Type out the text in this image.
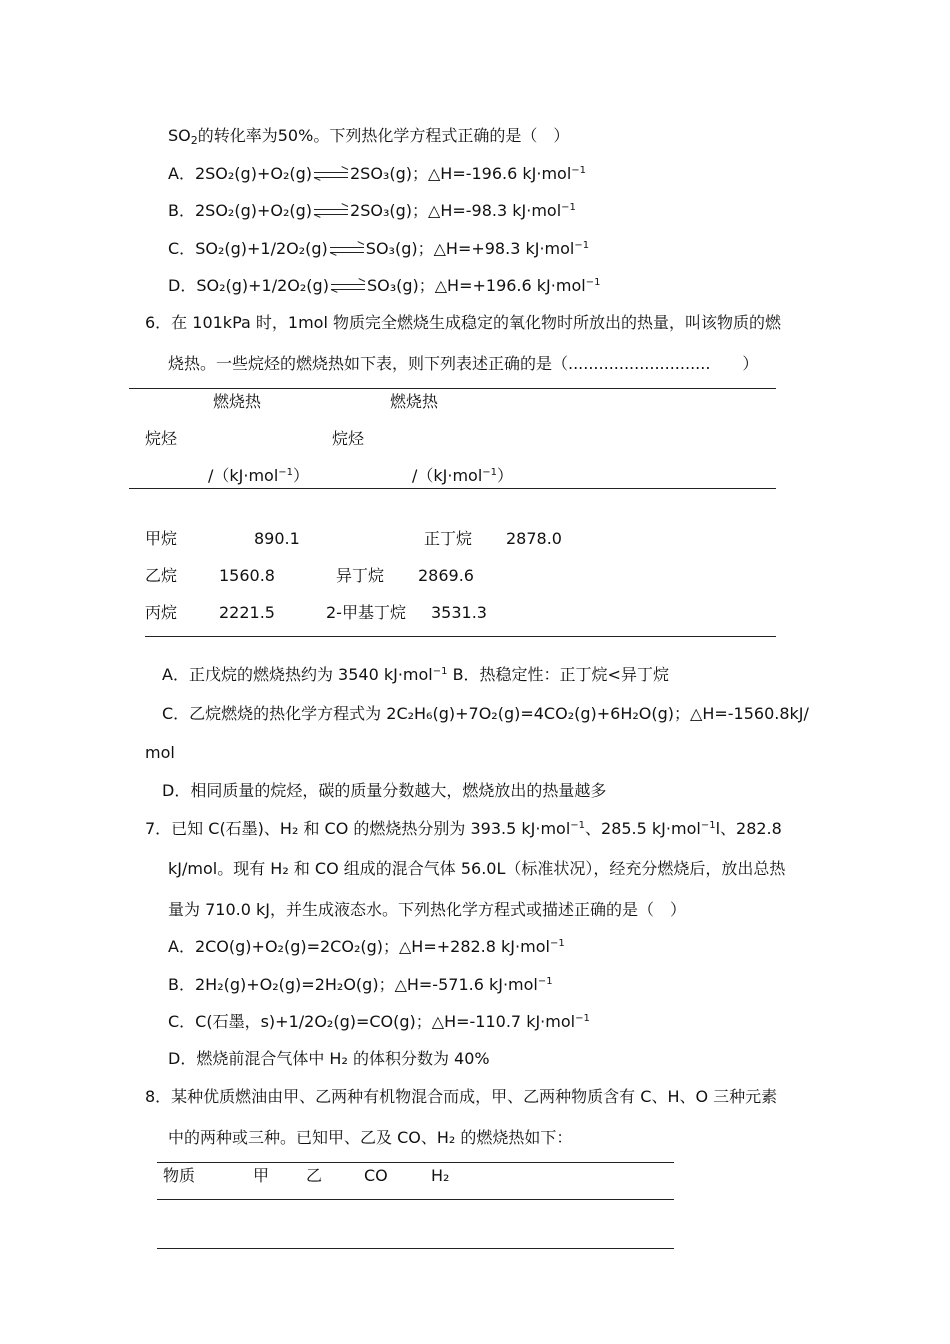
$SO_2$的转化率为50%。下列热化学方程式正确的是（　）
A．2SO₂(g)+O₂(g) 2SO₃(g)；△H=-196.6 kJ·mol$^{-1}$
B．2SO₂(g)+O₂(g) 2SO₃(g)；△H=-98.3 kJ·mol$^{-1}$
C．SO₂(g)+1/2O₂(g) SO₃(g)；△H=+98.3 kJ·mol$^{-1}$
D．SO₂(g)+1/2O₂(g) SO₃(g)；△H=+196.6 kJ·mol$^{-1}$
6．在 101kPa 时，1mol 物质完全燃烧生成稳定的氧化物时所放出的热量，叫该物质的燃
烧热。一些烷烃的燃烧热如下表，则下列表述正确的是（............................　　）
燃烧热	燃烧热
烷烃	烷烃
/（kJ·mol$^{-1}$）	/（kJ·mol$^{-1}$）
甲烷	890.1	正丁烷 2878.0
乙烷	1560.8	异丁烷 2869.6
丙烷	2221.5	2-甲基丁烷 3531.3
A．正戊烷的燃烧热约为 3540 kJ·mol$^{-1}$ B．热稳定性：正丁烷<异丁烷
C．乙烷燃烧的热化学方程式为 2C₂H₆(g)+7O₂(g)=4CO₂(g)+6H₂O(g)；△H=-1560.8kJ/
mol
D．相同质量的烷烃，碳的质量分数越大，燃烧放出的热量越多
7．已知 C(石墨)、H₂ 和 CO 的燃烧热分别为 393.5 kJ·mol$^{-1}$、285.5 kJ·mol$^{-1}$l、282.8
kJ/mol。现有 H₂ 和 CO 组成的混合气体 56.0L（标准状况），经充分燃烧后，放出总热
量为 710.0 kJ，并生成液态水。下列热化学方程式或描述正确的是（　）
A．2CO(g)+O₂(g)=2CO₂(g)；△H=+282.8 kJ·mol$^{-1}$
B．2H₂(g)+O₂(g)=2H₂O(g)；△H=-571.6 kJ·mol$^{-1}$
C．C(石墨，s)+1/2O₂(g)=CO(g)；△H=-110.7 kJ·mol$^{-1}$
D．燃烧前混合气体中 H₂ 的体积分数为 40%
8．某种优质燃油由甲、乙两种有机物混合而成，甲、乙两种物质含有 C、H、O 三种元素
中的两种或三种。已知甲、乙及 CO、H₂ 的燃烧热如下：
物质	甲 乙	CO	H₂
